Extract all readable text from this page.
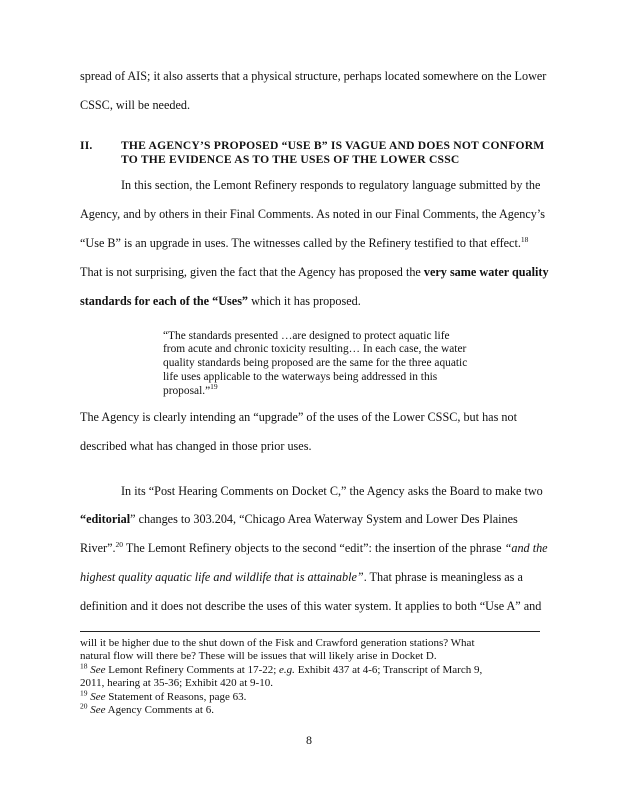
spread of AIS; it also asserts that a physical structure, perhaps located somewhere on the Lower
CSSC, will be needed.
II. THE AGENCY’S PROPOSED “USE B” IS VAGUE AND DOES NOT CONFORM
TO THE EVIDENCE AS TO THE USES OF THE LOWER CSSC
In this section, the Lemont Refinery responds to regulatory language submitted by the
Agency, and by others in their Final Comments. As noted in our Final Comments, the Agency’s
“Use B” is an upgrade in uses. The witnesses called by the Refinery testified to that effect.$^{18}$
That is not surprising, given the fact that the Agency has proposed the very same water quality
standards for each of the “Uses” which it has proposed.
“The standards presented …are designed to protect aquatic life
from acute and chronic toxicity resulting… In each case, the water
quality standards being proposed are the same for the three aquatic
life uses applicable to the waterways being addressed in this
proposal.”$^{19}$
The Agency is clearly intending an “upgrade” of the uses of the Lower CSSC, but has not
described what has changed in those prior uses.
In its “Post Hearing Comments on Docket C,” the Agency asks the Board to make two
“editorial” changes to 303.204, “Chicago Area Waterway System and Lower Des Plaines
River”.$^{20}$ The Lemont Refinery objects to the second “edit”: the insertion of the phrase “and the
highest quality aquatic life and wildlife that is attainable”. That phrase is meaningless as a
definition and it does not describe the uses of this water system. It applies to both “Use A” and
will it be higher due to the shut down of the Fisk and Crawford generation stations? What
natural flow will there be? These will be issues that will likely arise in Docket D.
$^{18}$ See Lemont Refinery Comments at 17-22; e.g. Exhibit 437 at 4-6; Transcript of March 9,
2011, hearing at 35-36; Exhibit 420 at 9-10.
$^{19}$ See Statement of Reasons, page 63.
$^{20}$ See Agency Comments at 6.
8
